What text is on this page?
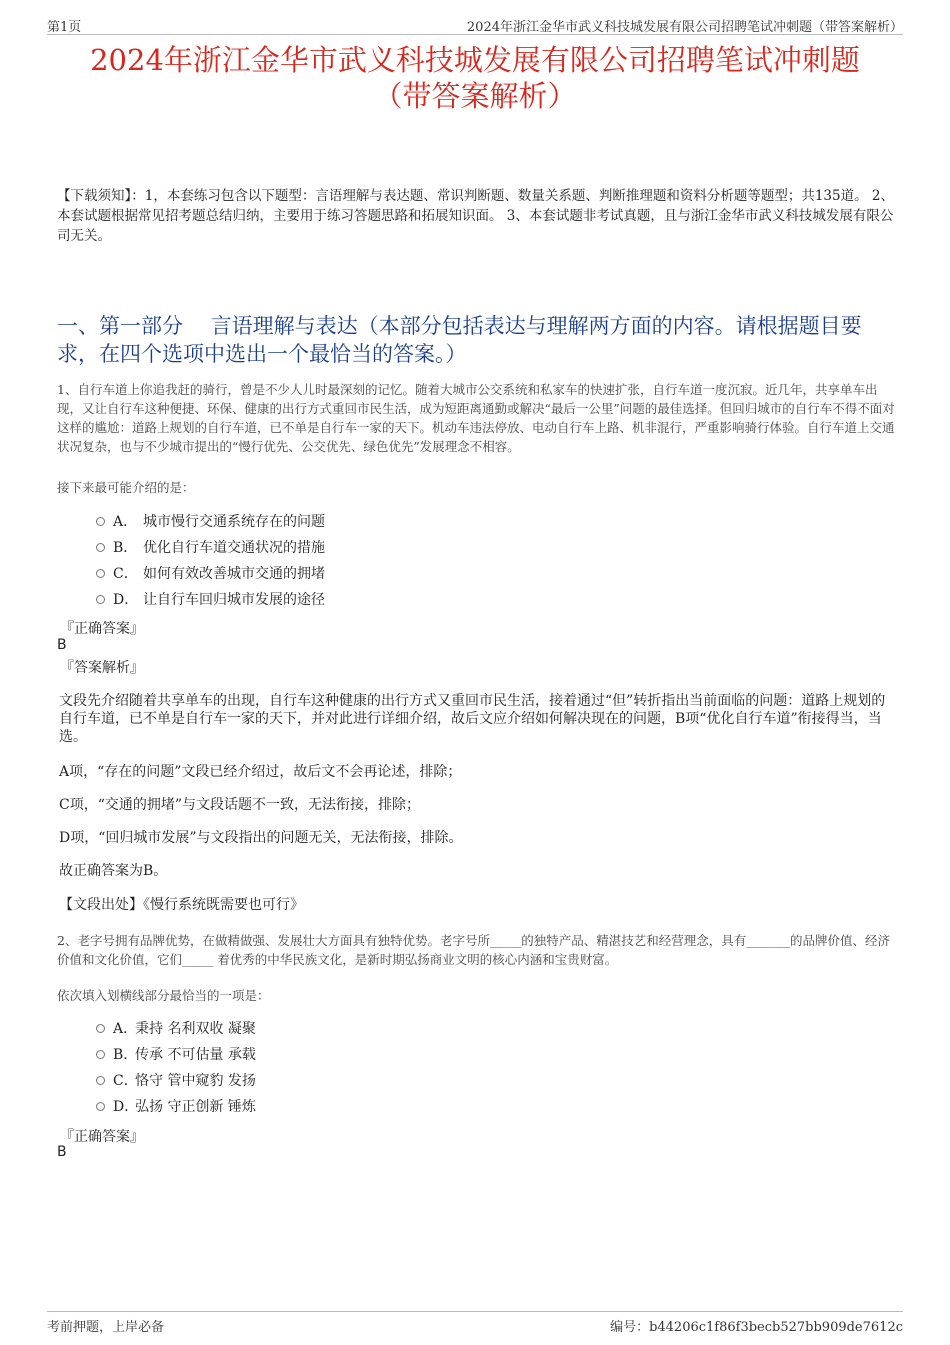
第1页	2024年浙江金华市武义科技城发展有限公司招聘笔试冲刺题（带答案解析）
2024年浙江金华市武义科技城发展有限公司招聘笔试冲刺题
（带答案解析）
【下载须知】：1，本套练习包含以下题型：言语理解与表达题、常识判断题、数量关系题、判断推理题和资料分析题等题型；共135道。 2、本套试题根据常见招考题总结归纳，主要用于练习答题思路和拓展知识面。 3、本套试题非考试真题，且与浙江金华市武义科技城发展有限公司无关。
一、第一部分　 言语理解与表达（本部分包括表达与理解两方面的内容。请根据题目要求，在四个选项中选出一个最恰当的答案。）
1、自行车道上你追我赶的骑行，曾是不少人儿时最深刻的记忆。随着大城市公交系统和私家车的快速扩张，自行车道一度沉寂。近几年，共享单车出现，又让自行车这种便捷、环保、健康的出行方式重回市民生活，成为短距离通勤或解决“最后一公里”问题的最佳选择。但回归城市的自行车不得不面对这样的尴尬：道路上规划的自行车道，已不单是自行车一家的天下。机动车违法停放、电动自行车上路、机非混行，严重影响骑行体验。自行车道上交通状况复杂，也与不少城市提出的“慢行优先、公交优先、绿色优先”发展理念不相容。
接下来最可能介绍的是：
A． 城市慢行交通系统存在的问题
B． 优化自行车道交通状况的措施
C． 如何有效改善城市交通的拥堵
D． 让自行车回归城市发展的途径
『正确答案』
B
『答案解析』
文段先介绍随着共享单车的出现，自行车这种健康的出行方式又重回市民生活，接着通过“但”转折指出当前面临的问题：道路上规划的自行车道，已不单是自行车一家的天下，并对此进行详细介绍，故后文应介绍如何解决现在的问题，B项“优化自行车道”衔接得当，当选。
A项，“存在的问题”文段已经介绍过，故后文不会再论述，排除；
C项，“交通的拥堵”与文段话题不一致，无法衔接，排除；
D项，“回归城市发展”与文段指出的问题无关，无法衔接，排除。
故正确答案为B。
【文段出处】《慢行系统既需要也可行》
2、老字号拥有品牌优势，在做精做强、发展壮大方面具有独特优势。老字号所_____的独特产品、精湛技艺和经营理念，具有_______的品牌价值、经济价值和文化价值，它们_____ 着优秀的中华民族文化，是新时期弘扬商业文明的核心内涵和宝贵财富。
依次填入划横线部分最恰当的一项是：
A．
秉持 名利双收 凝聚
B．
传承 不可估量 承载
C．
恪守 管中窥豹 发扬
D．
弘扬 守正创新 锤炼
『正确答案』
B
考前押题，上岸必备	编号：b44206c1f86f3becb527bb909de7612c
